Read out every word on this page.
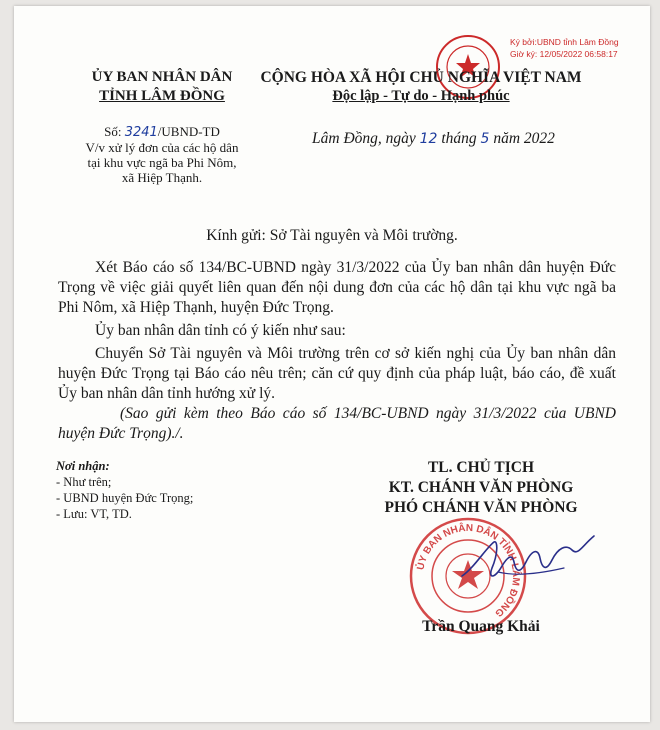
Ký bởi:UBND tỉnh Lâm Đồng
Giờ ký: 12/05/2022 06:58:17
ỦY BAN NHÂN DÂN
TỈNH LÂM ĐỒNG
CỘNG HÒA XÃ HỘI CHỦ NGHĨA VIỆT NAM
Độc lập - Tự do - Hạnh phúc
Số: 3241/UBND-TD
V/v xử lý đơn của các hộ dân
tại khu vực ngã ba Phi Nôm,
xã Hiệp Thạnh.
Lâm Đồng, ngày 12 tháng 5 năm 2022
Kính gửi: Sở Tài nguyên và Môi trường.
Xét Báo cáo số 134/BC-UBND ngày 31/3/2022 của Ủy ban nhân dân huyện Đức Trọng về việc giải quyết liên quan đến nội dung đơn của các hộ dân tại khu vực ngã ba Phi Nôm, xã Hiệp Thạnh, huyện Đức Trọng.
Ủy ban nhân dân tỉnh có ý kiến như sau:
Chuyển Sở Tài nguyên và Môi trường trên cơ sở kiến nghị của Ủy ban nhân dân huyện Đức Trọng tại Báo cáo nêu trên; căn cứ quy định của pháp luật, báo cáo, đề xuất Ủy ban nhân dân tỉnh hướng xử lý.
(Sao gửi kèm theo Báo cáo số 134/BC-UBND ngày 31/3/2022 của UBND huyện Đức Trọng)./.
Nơi nhận:
- Như trên;
- UBND huyện Đức Trọng;
- Lưu: VT, TD.
TL. CHỦ TỊCH
KT. CHÁNH VĂN PHÒNG
PHÓ CHÁNH VĂN PHÒNG
ỦY BAN NHÂN DÂN TỈNH LÂM ĐỒNG
Trần Quang Khải
